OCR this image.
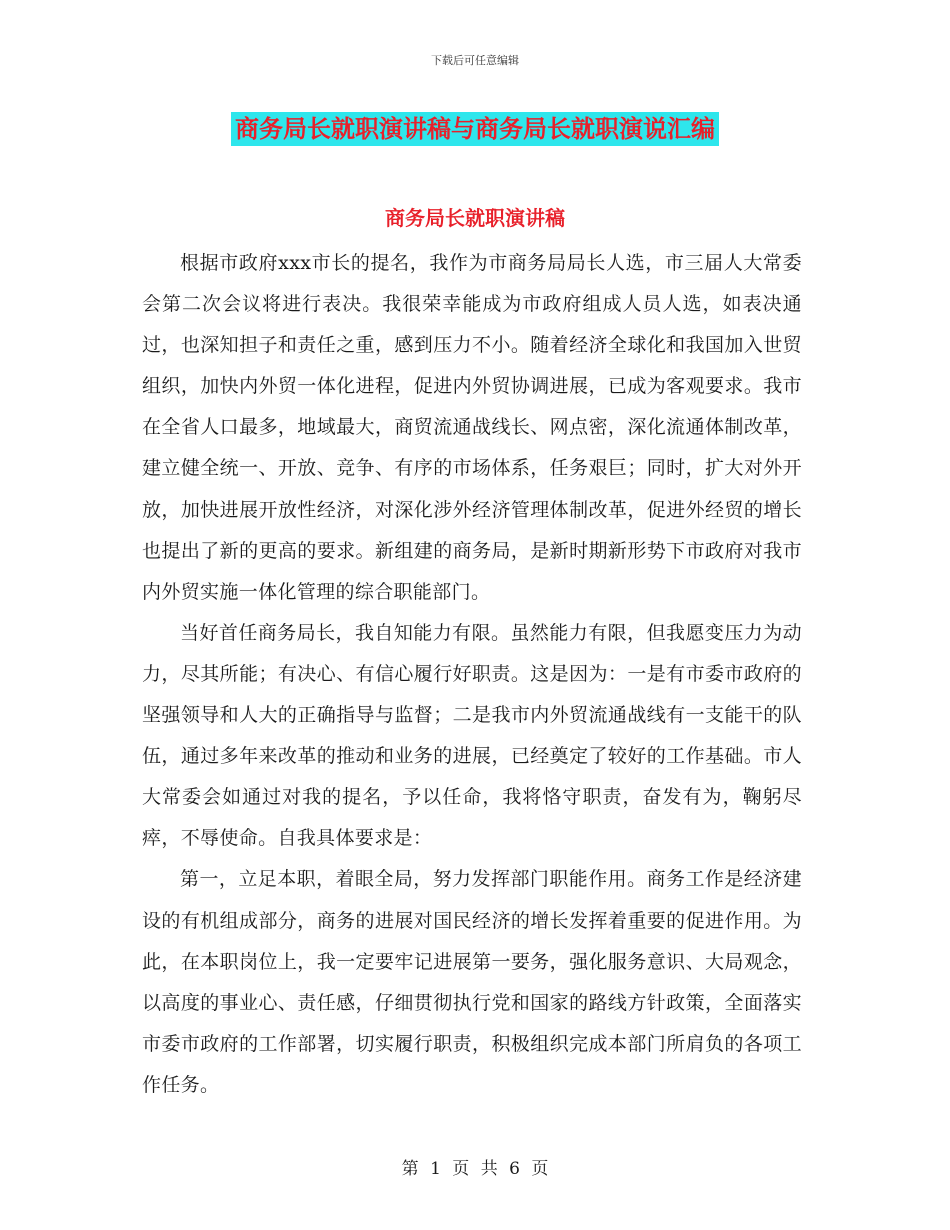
下载后可任意编辑
商务局长就职演讲稿与商务局长就职演说汇编
商务局长就职演讲稿

根据市政府xxx市长的提名，我作为市商务局局长人选，市三届人大常委会第二次会议将进行表决。我很荣幸能成为市政府组成人员人选，如表决通过，也深知担子和责任之重，感到压力不小。随着经济全球化和我国加入世贸组织，加快内外贸一体化进程，促进内外贸协调进展，已成为客观要求。我市在全省人口最多，地域最大，商贸流通战线长、网点密，深化流通体制改革，建立健全统一、开放、竞争、有序的市场体系，任务艰巨；同时，扩大对外开放，加快进展开放性经济，对深化涉外经济管理体制改革，促进外经贸的增长也提出了新的更高的要求。新组建的商务局，是新时期新形势下市政府对我市内外贸实施一体化管理的综合职能部门。

当好首任商务局长，我自知能力有限。虽然能力有限，但我愿变压力为动力，尽其所能；有决心、有信心履行好职责。这是因为：一是有市委市政府的坚强领导和人大的正确指导与监督；二是我市内外贸流通战线有一支能干的队伍，通过多年来改革的推动和业务的进展，已经奠定了较好的工作基础。市人大常委会如通过对我的提名，予以任命，我将恪守职责，奋发有为，鞠躬尽瘁，不辱使命。自我具体要求是：

第一，立足本职，着眼全局，努力发挥部门职能作用。商务工作是经济建设的有机组成部分，商务的进展对国民经济的增长发挥着重要的促进作用。为此，在本职岗位上，我一定要牢记进展第一要务，强化服务意识、大局观念，以高度的事业心、责任感，仔细贯彻执行党和国家的路线方针政策，全面落实市委市政府的工作部署，切实履行职责，积极组织完成本部门所肩负的各项工作任务。

第 1 页 共 6 页
